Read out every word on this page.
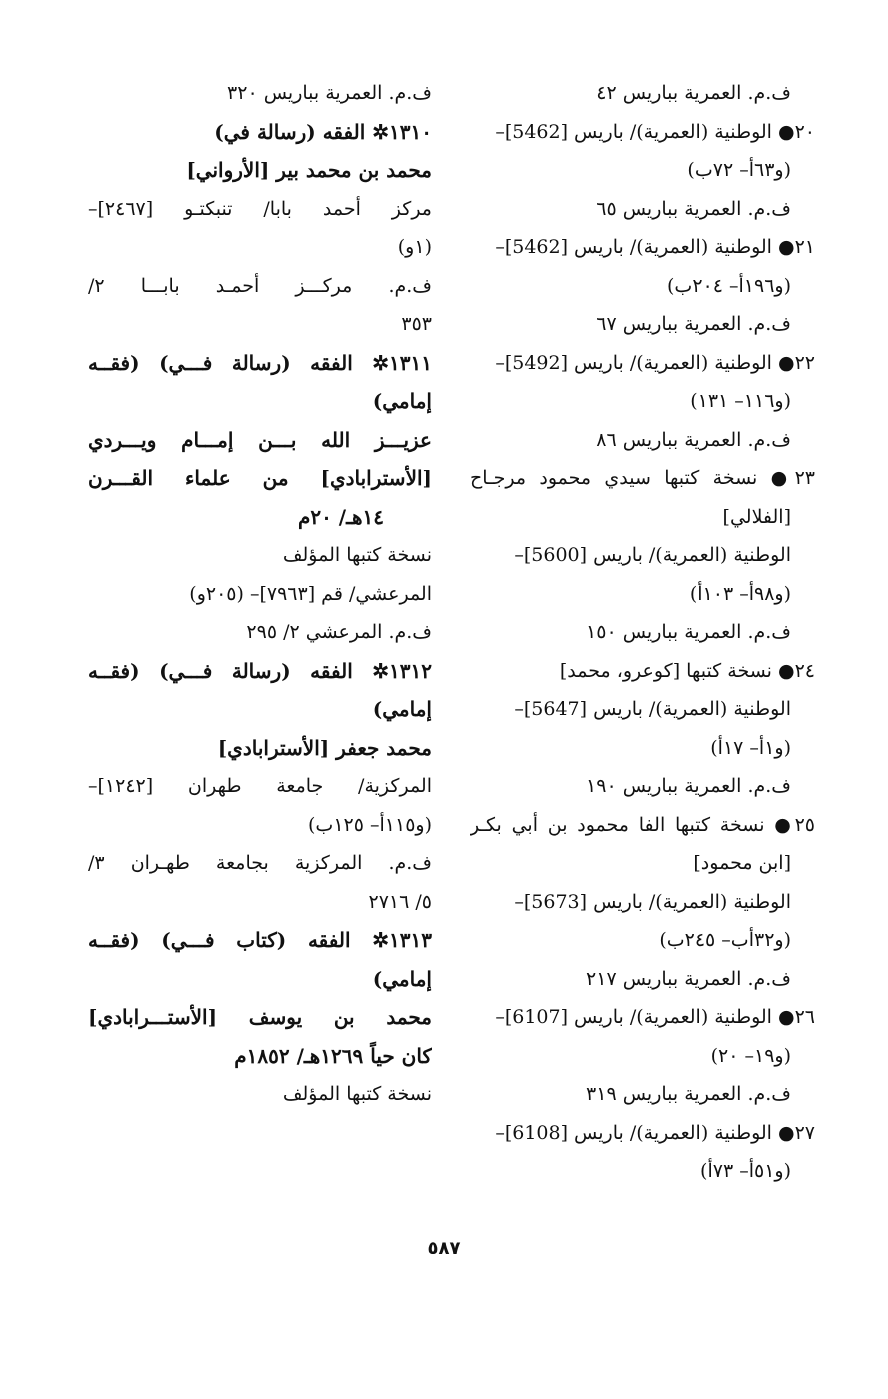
ف.م. العمرية بباريس ٤٢
٢٠● الوطنية (العمرية)/ باريس [5462]–
(و٦٣أ– ٧٢ب)
ف.م. العمرية بباريس ٦٥
٢١● الوطنية (العمرية)/ باريس [5462]–
(و١٩٦أ– ٢٠٤ب)
ف.م. العمرية بباريس ٦٧
٢٢● الوطنية (العمرية)/ باريس [5492]–
(و١١٦– ١٣١)
ف.م. العمرية بباريس ٨٦
٢٣● نسخة كتبها سيدي محمود مرجـاح
[الفلالي]
الوطنية (العمرية)/ باريس [5600]–
(و٩٨أ– ١٠٣أ)
ف.م. العمرية بباريس ١٥٠
٢٤● نسخة كتبها [كوعرو، محمد]
الوطنية (العمرية)/ باريس [5647]–
(و١أ– ١٧أ)
ف.م. العمرية بباريس ١٩٠
٢٥● نسخة كتبها الفا محمود بن أبي بكـر
[ابن محمود]
الوطنية (العمرية)/ باريس [5673]–
(و٣٢أب– ٢٤٥ب)
ف.م. العمرية بباريس ٢١٧
٢٦● الوطنية (العمرية)/ باريس [6107]–
(و١٩– ٢٠)
ف.م. العمرية بباريس ٣١٩
٢٧● الوطنية (العمرية)/ باريس [6108]–
(و٥١أ– ٧٣أ)
ف.م. العمرية بباريس ٣٢٠
١٣١٠✲ الفقه (رسالة في)
محمد بن محمد بير [الأرواني]
مركز أحمد بابا/ تنبكتـو [٢٤٦٧]–
(١و)
ف.م. مركـــز أحمـد بابـــا ٢/
٣٥٣
١٣١١✲ الفقه (رسالة فـــي) (فقــه
إمامي)
عزيـــز الله بـــن إمـــام ويـــردي
[الأسترابادي] من علماء القـــرن
١٤هـ/ ٢٠م
نسخة كتبها المؤلف
المرعشي/ قم [٧٩٦٣]– (٢٠٥و)
ف.م. المرعشي ٢/ ٢٩٥
١٣١٢✲ الفقه (رسالة فـــي) (فقــه
إمامي)
محمد جعفر [الأسترابادي]
المركزية/ جامعة طهران [١٢٤٢]–
(و١١٥أ– ١٢٥ب)
ف.م. المركزية بجامعة طهـران ٣/
٥/ ٢٧١٦
١٣١٣✲ الفقه (كتاب فـــي) (فقــه
إمامي)
محمد بن يوسف [الأستـــرابادي]
كان حياً ١٢٦٩هـ/ ١٨٥٢م
نسخة كتبها المؤلف
٥٨٧
